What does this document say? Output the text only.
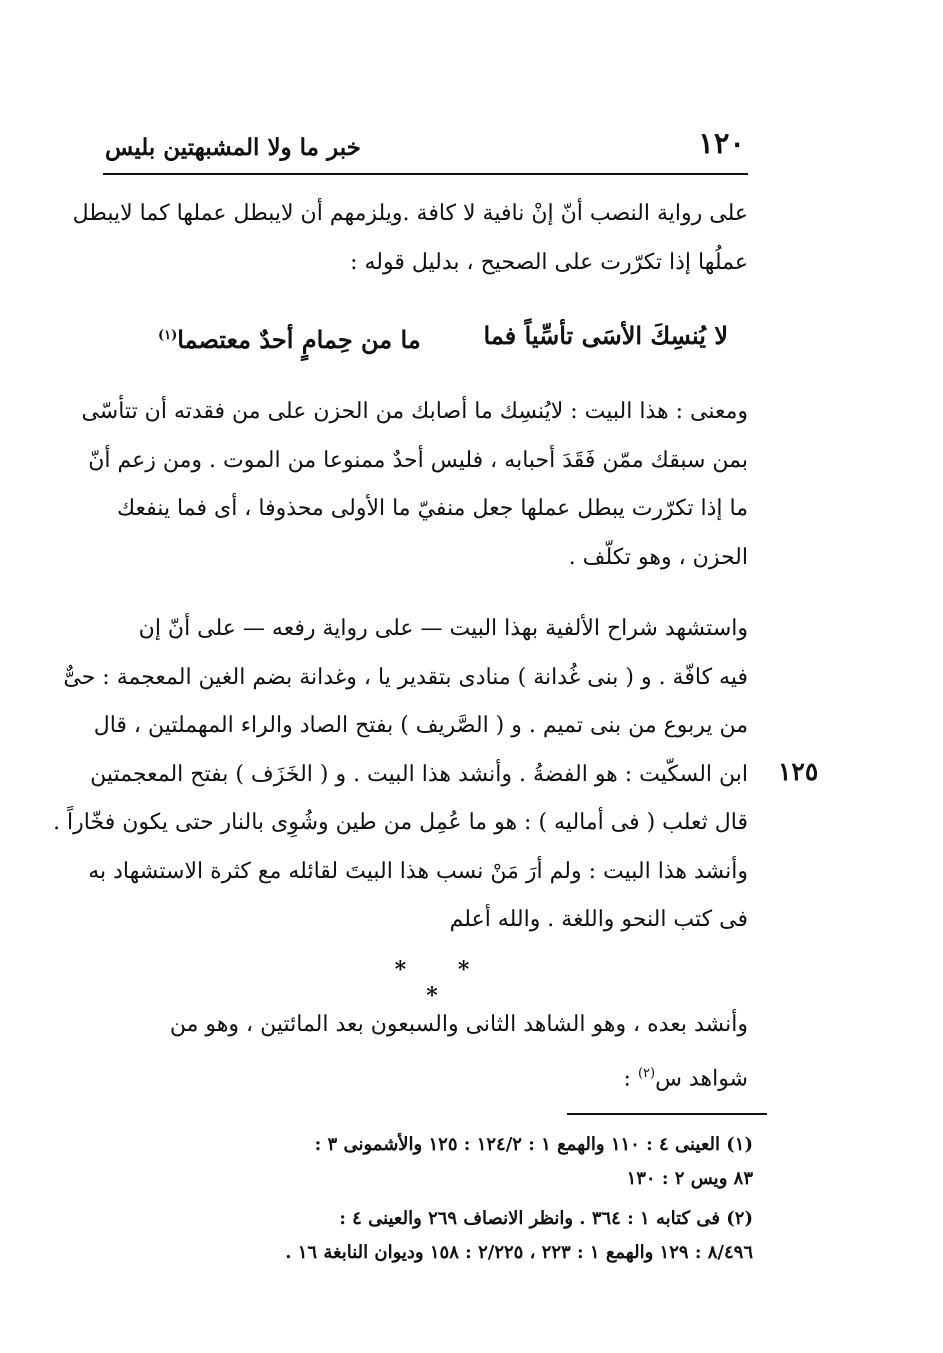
خبر ما ولا المشبهتين بليس	١٢٠
على رواية النصب أنّ إنْ نافية لا كافة .ويلزمهم أن لايبطل عملها كما لايبطل
عملُها إذا تكرّرت على الصحيح ، بدليل قوله :
لا يُنسِكَ الأسَى تأسِّياً فما
ما من حِمامٍ أحدٌ معتصما$^{(١)}$
ومعنى : هذا البيت : لايُنسِك ما أصابك من الحزن على من فقدته أن تتأسّى
بمن سبقك ممّن فَقَدَ أحبابه ، فليس أحدٌ ممنوعا من الموت . ومن زعم أنّ
ما إذا تكرّرت يبطل عملها جعل منفيّ ما الأولى محذوفا ، أى فما ينفعك
الحزن ، وهو تكلّف .
واستشهد شراح الألفية بهذا البيت — على رواية رفعه — على أنّ إن
فيه كافّة . و ( بنى غُدانة ) منادى بتقدير يا ، وغدانة بضم الغين المعجمة : حىٌّ
من يربوع من بنى تميم . و ( الصَّريف ) بفتح الصاد والراء المهملتين ، قال
ابن السكّيت : هو الفضةُ . وأنشد هذا البيت . و ( الخَزَف ) بفتح المعجمتين
قال ثعلب ( فى أماليه ) : هو ما عُمِل من طين وشُوِى بالنار حتى يكون فخّاراً .
وأنشد هذا البيت : ولم أرَ مَنْ نسب هذا البيتَ لقائله مع كثرة الاستشهاد به
فى كتب النحو واللغة . والله أعلم
١٢٥
* * *
وأنشد بعده ، وهو الشاهد الثانى والسبعون بعد المائتين ، وهو من
شواهد س$^{(٢)}$ :
(١) العينى ٤ : ١١٠ والهمع ١ : ١٢٤/٢ : ١٢٥ والأشمونى ٣ :
٨٣ ويس ٢ : ١٣٠
(٢) فى كتابه ١ : ٣٦٤ . وانظر الانصاف ٢٦٩ والعينى ٤ :
٨/٤٩٦ : ١٢٩ والهمع ١ : ٢٢٣ ، ٢/٢٢٥ : ١٥٨ وديوان النابغة ١٦ .
